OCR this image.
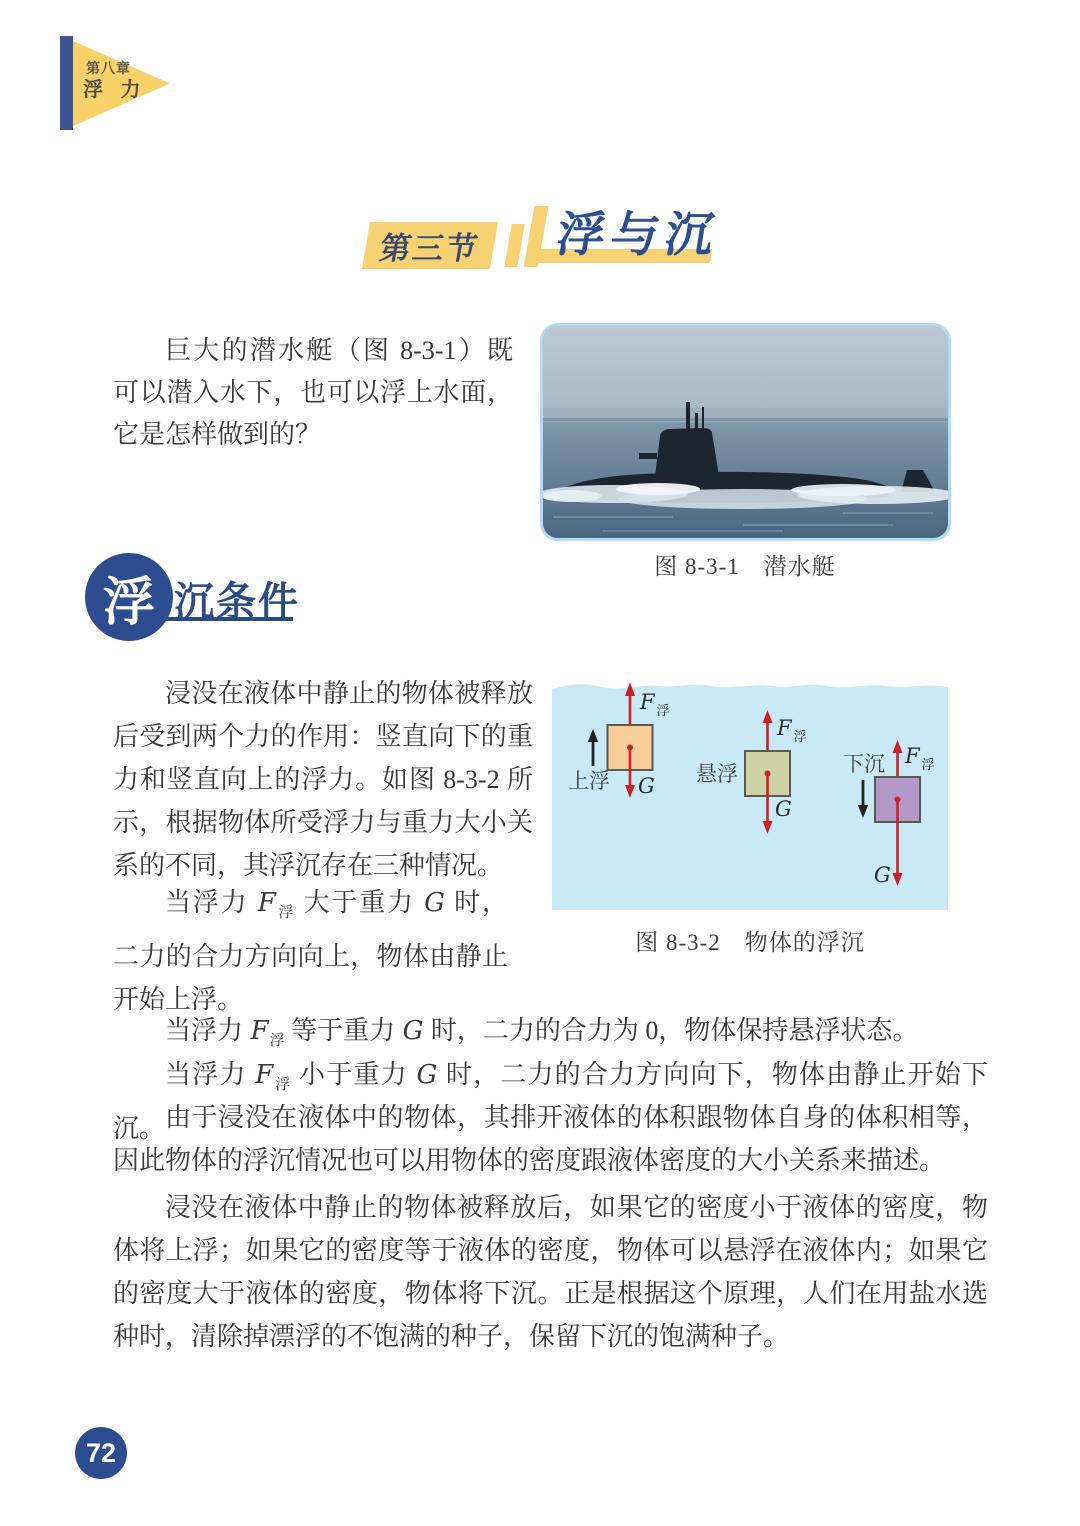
第八章
浮 力
第三节 浮与沉
巨大的潜水艇（图 8-3-1）既可以潜入水下，也可以浮上水面，它是怎样做到的？
图 8-3-1　潜水艇
浮 沉条件
F $_浮$
G
上浮
F $_浮$
G
悬浮
F $_浮$
G
下沉
图 8-3-2　物体的浮沉
浸没在液体中静止的物体被释放后受到两个力的作用：竖直向下的重力和竖直向上的浮力。如图 8-3-2 所示，根据物体所受浮力与重力大小关系的不同，其浮沉存在三种情况。
当浮力 $F_浮$ 大于重力 G 时，二力的合力方向向上，物体由静止开始上浮。
当浮力 $F_浮$ 等于重力 G 时，二力的合力为 0，物体保持悬浮状态。
当浮力 $F_浮$ 小于重力 G 时，二力的合力方向向下，物体由静止开始下沉。 由于浸没在液体中的物体，其排开液体的体积跟物体自身的体积相等，因此物体的浮沉情况也可以用物体的密度跟液体密度的大小关系来描述。
浸没在液体中静止的物体被释放后，如果它的密度小于液体的密度，物体将上浮；如果它的密度等于液体的密度，物体可以悬浮在液体内；如果它的密度大于液体的密度，物体将下沉。正是根据这个原理，人们在用盐水选种时，清除掉漂浮的不饱满的种子，保留下沉的饱满种子。
72
